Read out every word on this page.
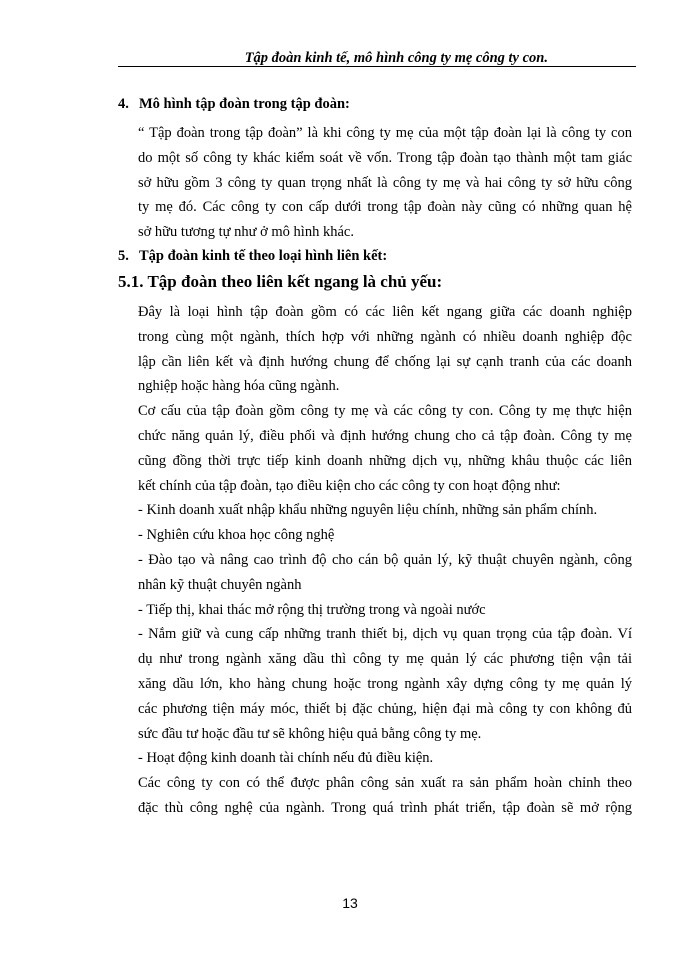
Tập đoàn kinh tế, mô hình công ty mẹ công ty con.
4. Mô hình tập đoàn trong tập đoàn:
“ Tập đoàn trong tập đoàn” là khi công ty mẹ của một tập đoàn lại là công ty con
do một số công ty khác kiểm soát về vốn. Trong tập đoàn tạo thành một tam giác
sở hữu gồm 3 công ty quan trọng nhất là công ty mẹ và hai công ty sở hữu công
ty mẹ đó. Các công ty con cấp dưới trong tập đoàn này cũng có những quan hệ
sở hữu tương tự như ở mô hình khác.
5. Tập đoàn kinh tế theo loại hình liên kết:
5.1. Tập đoàn theo liên kết ngang là chủ yếu:
Đây là loại hình tập đoàn gồm có các liên kết ngang giữa các doanh nghiệp
trong cùng một ngành, thích hợp với những ngành có nhiều doanh nghiệp độc
lập cần liên kết và định hướng chung để chống lại sự cạnh tranh của các doanh
nghiệp hoặc hàng hóa cũng ngành.
Cơ cấu của tập đoàn gồm công ty mẹ và các công ty con. Công ty mẹ thực hiện
chức năng quản lý, điều phối và định hướng chung cho cả tập đoàn. Công ty mẹ
cũng đồng thời trực tiếp kinh doanh những dịch vụ, những khâu thuộc các liên
kết chính của tập đoàn, tạo điều kiện cho các công ty con hoạt động như:
- Kinh doanh xuất nhập khẩu những nguyên liệu chính, những sản phẩm chính.
- Nghiên cứu khoa học công nghệ
- Đào tạo và nâng cao trình độ cho cán bộ quản lý, kỹ thuật chuyên ngành, công
nhân kỹ thuật chuyên ngành
- Tiếp thị, khai thác mở rộng thị trường trong và ngoài nước
- Nắm giữ và cung cấp những tranh thiết bị, dịch vụ quan trọng của tập đoàn. Ví
dụ như trong ngành xăng dầu thì công ty mẹ quản lý các phương tiện vận tải
xăng dầu lớn, kho hàng chung hoặc trong ngành xây dựng công ty mẹ quản lý
các phương tiện máy móc, thiết bị đặc chủng, hiện đại mà công ty con không đủ
sức đầu tư hoặc đầu tư sẽ không hiệu quả bằng công ty mẹ.
- Hoạt động kinh doanh tài chính nếu đủ điều kiện.
Các công ty con có thể được phân công sản xuất ra sản phẩm hoàn chỉnh theo
đặc thù công nghệ của ngành. Trong quá trình phát triển, tập đoàn sẽ mở rộng
13
